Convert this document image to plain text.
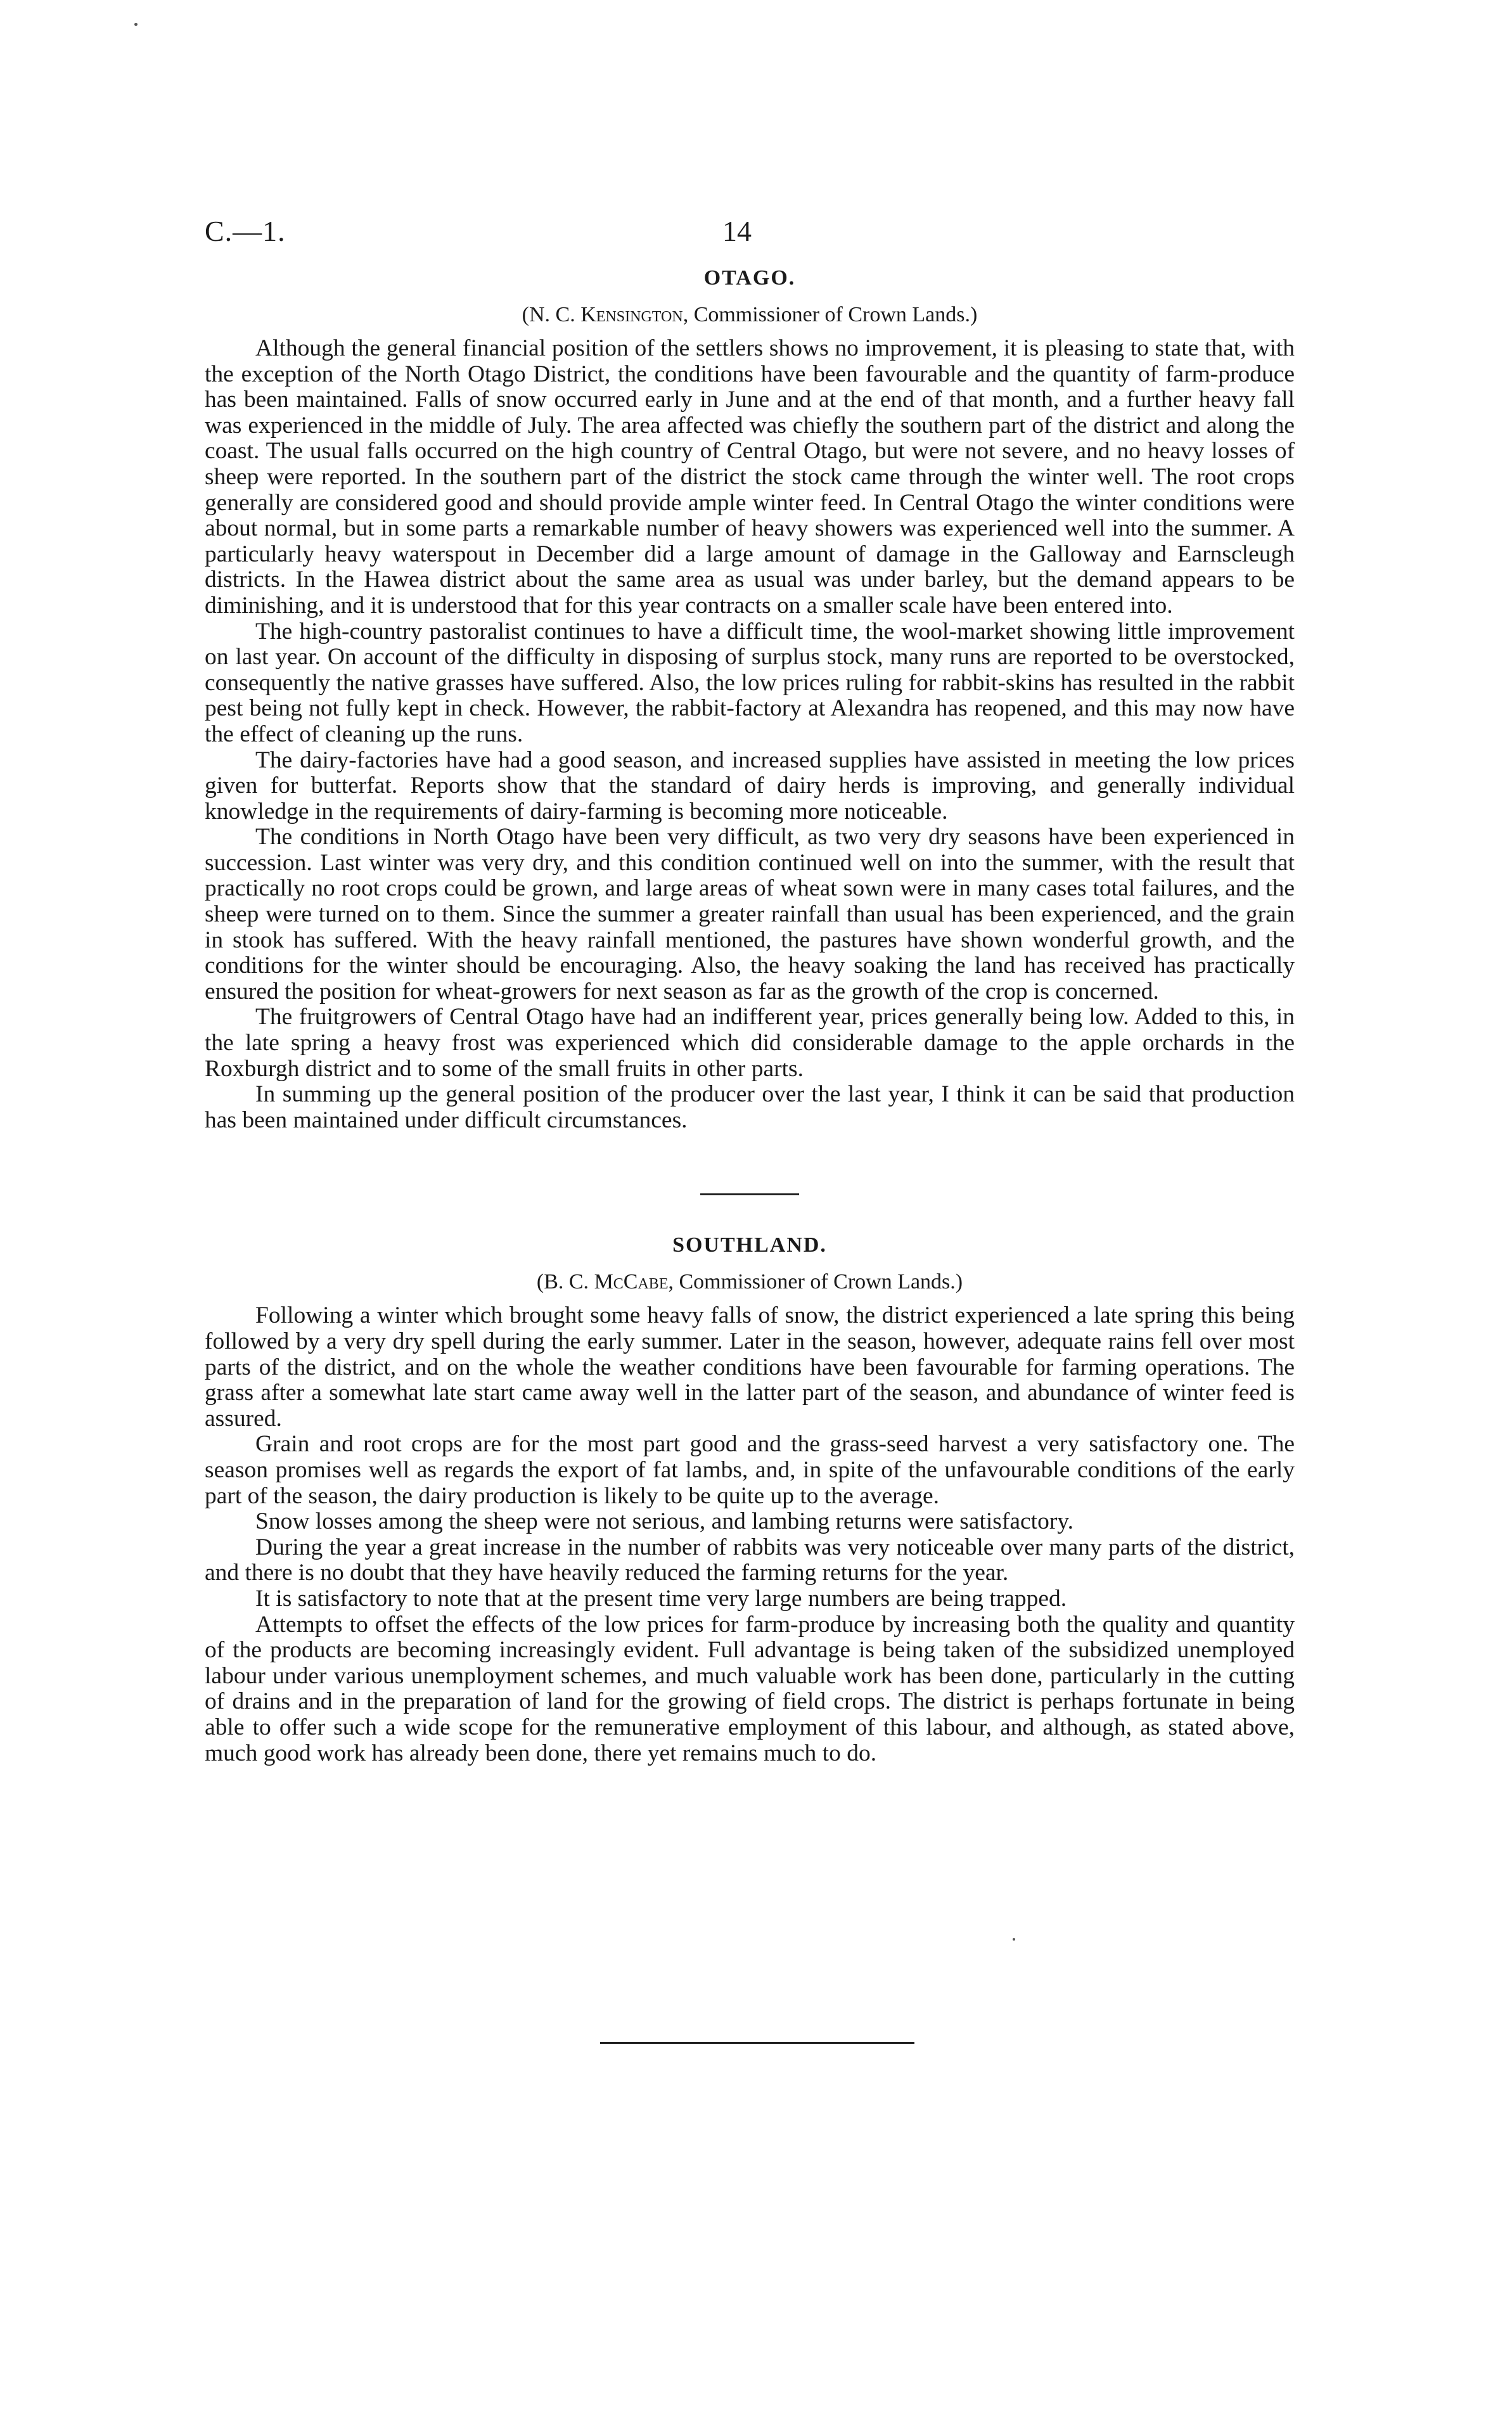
C.—1.	14
OTAGO.
(N. C. Kensington, Commissioner of Crown Lands.)

Although the general financial position of the settlers shows no improvement, it is pleasing to state that, with the exception of the North Otago District, the conditions have been favourable and the quantity of farm-produce has been maintained. Falls of snow occurred early in June and at the end of that month, and a further heavy fall was experienced in the middle of July. The area affected was chiefly the southern part of the district and along the coast. The usual falls occurred on the high country of Central Otago, but were not severe, and no heavy losses of sheep were reported. In the southern part of the district the stock came through the winter well. The root crops generally are considered good and should provide ample winter feed. In Central Otago the winter conditions were about normal, but in some parts a remarkable number of heavy showers was experienced well into the summer. A particularly heavy waterspout in December did a large amount of damage in the Galloway and Earnscleugh districts. In the Hawea district about the same area as usual was under barley, but the demand appears to be diminishing, and it is understood that for this year contracts on a smaller scale have been entered into.

The high-country pastoralist continues to have a difficult time, the wool-market showing little improvement on last year. On account of the difficulty in disposing of surplus stock, many runs are reported to be overstocked, consequently the native grasses have suffered. Also, the low prices ruling for rabbit-skins has resulted in the rabbit pest being not fully kept in check. However, the rabbit-factory at Alexandra has reopened, and this may now have the effect of cleaning up the runs.

The dairy-factories have had a good season, and increased supplies have assisted in meeting the low prices given for butterfat. Reports show that the standard of dairy herds is improving, and generally individual knowledge in the requirements of dairy-farming is becoming more noticeable.

The conditions in North Otago have been very difficult, as two very dry seasons have been experienced in succession. Last winter was very dry, and this condition continued well on into the summer, with the result that practically no root crops could be grown, and large areas of wheat sown were in many cases total failures, and the sheep were turned on to them. Since the summer a greater rainfall than usual has been experienced, and the grain in stook has suffered. With the heavy rainfall mentioned, the pastures have shown wonderful growth, and the conditions for the winter should be encouraging. Also, the heavy soaking the land has received has practically ensured the position for wheat-growers for next season as far as the growth of the crop is concerned.

The fruitgrowers of Central Otago have had an indifferent year, prices generally being low. Added to this, in the late spring a heavy frost was experienced which did considerable damage to the apple orchards in the Roxburgh district and to some of the small fruits in other parts.

In summing up the general position of the producer over the last year, I think it can be said that production has been maintained under difficult circumstances.

SOUTHLAND.
(B. C. McCabe, Commissioner of Crown Lands.)

Following a winter which brought some heavy falls of snow, the district experienced a late spring this being followed by a very dry spell during the early summer. Later in the season, however, adequate rains fell over most parts of the district, and on the whole the weather conditions have been favourable for farming operations. The grass after a somewhat late start came away well in the latter part of the season, and abundance of winter feed is assured.

Grain and root crops are for the most part good and the grass-seed harvest a very satisfactory one. The season promises well as regards the export of fat lambs, and, in spite of the unfavourable conditions of the early part of the season, the dairy production is likely to be quite up to the average.

Snow losses among the sheep were not serious, and lambing returns were satisfactory.

During the year a great increase in the number of rabbits was very noticeable over many parts of the district, and there is no doubt that they have heavily reduced the farming returns for the year.

It is satisfactory to note that at the present time very large numbers are being trapped.

Attempts to offset the effects of the low prices for farm-produce by increasing both the quality and quantity of the products are becoming increasingly evident. Full advantage is being taken of the subsidized unemployed labour under various unemployment schemes, and much valuable work has been done, particularly in the cutting of drains and in the preparation of land for the growing of field crops. The district is perhaps fortunate in being able to offer such a wide scope for the remunerative employment of this labour, and although, as stated above, much good work has already been done, there yet remains much to do.
